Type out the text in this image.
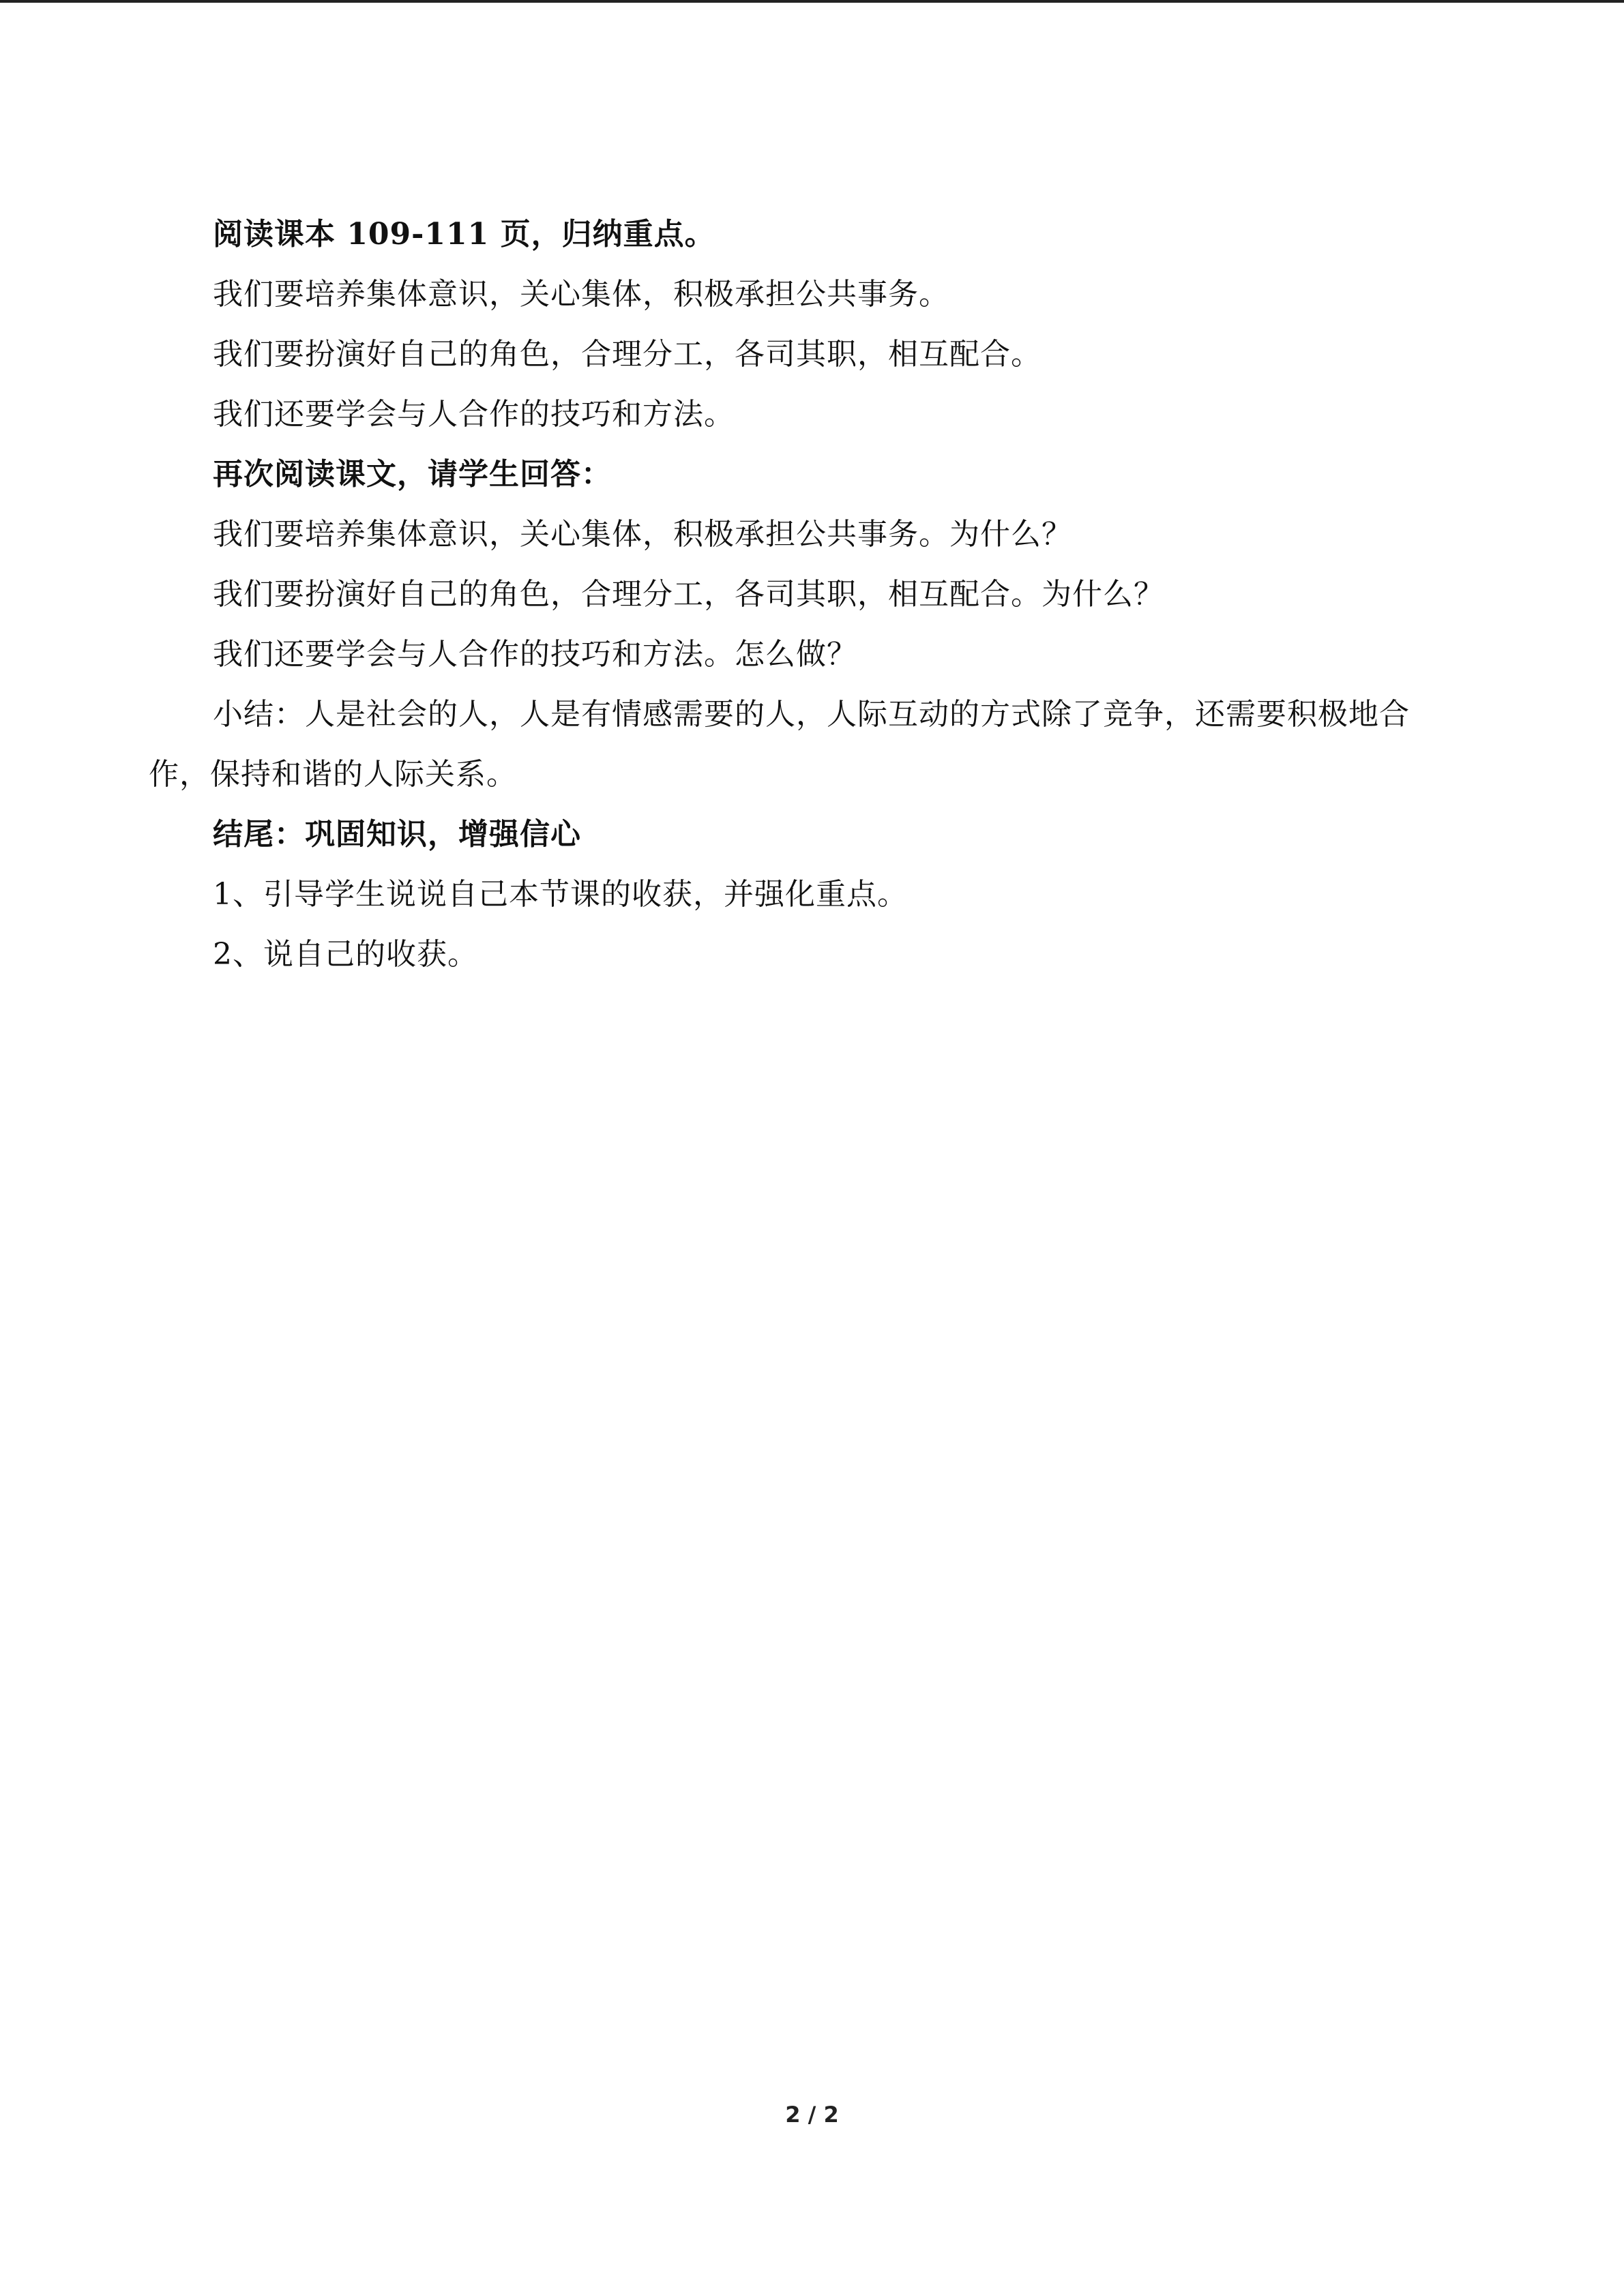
阅读课本 109-111 页，归纳重点。

我们要培养集体意识，关心集体，积极承担公共事务。

我们要扮演好自己的角色，合理分工，各司其职，相互配合。

我们还要学会与人合作的技巧和方法。

再次阅读课文，请学生回答：

我们要培养集体意识，关心集体，积极承担公共事务。为什么？

我们要扮演好自己的角色，合理分工，各司其职，相互配合。为什么？

我们还要学会与人合作的技巧和方法。怎么做？

小结：人是社会的人，人是有情感需要的人，人际互动的方式除了竞争，还需要积极地合作，保持和谐的人际关系。

结尾：巩固知识，增强信心

1、引导学生说说自己本节课的收获，并强化重点。

2、说自己的收获。

2 / 2
